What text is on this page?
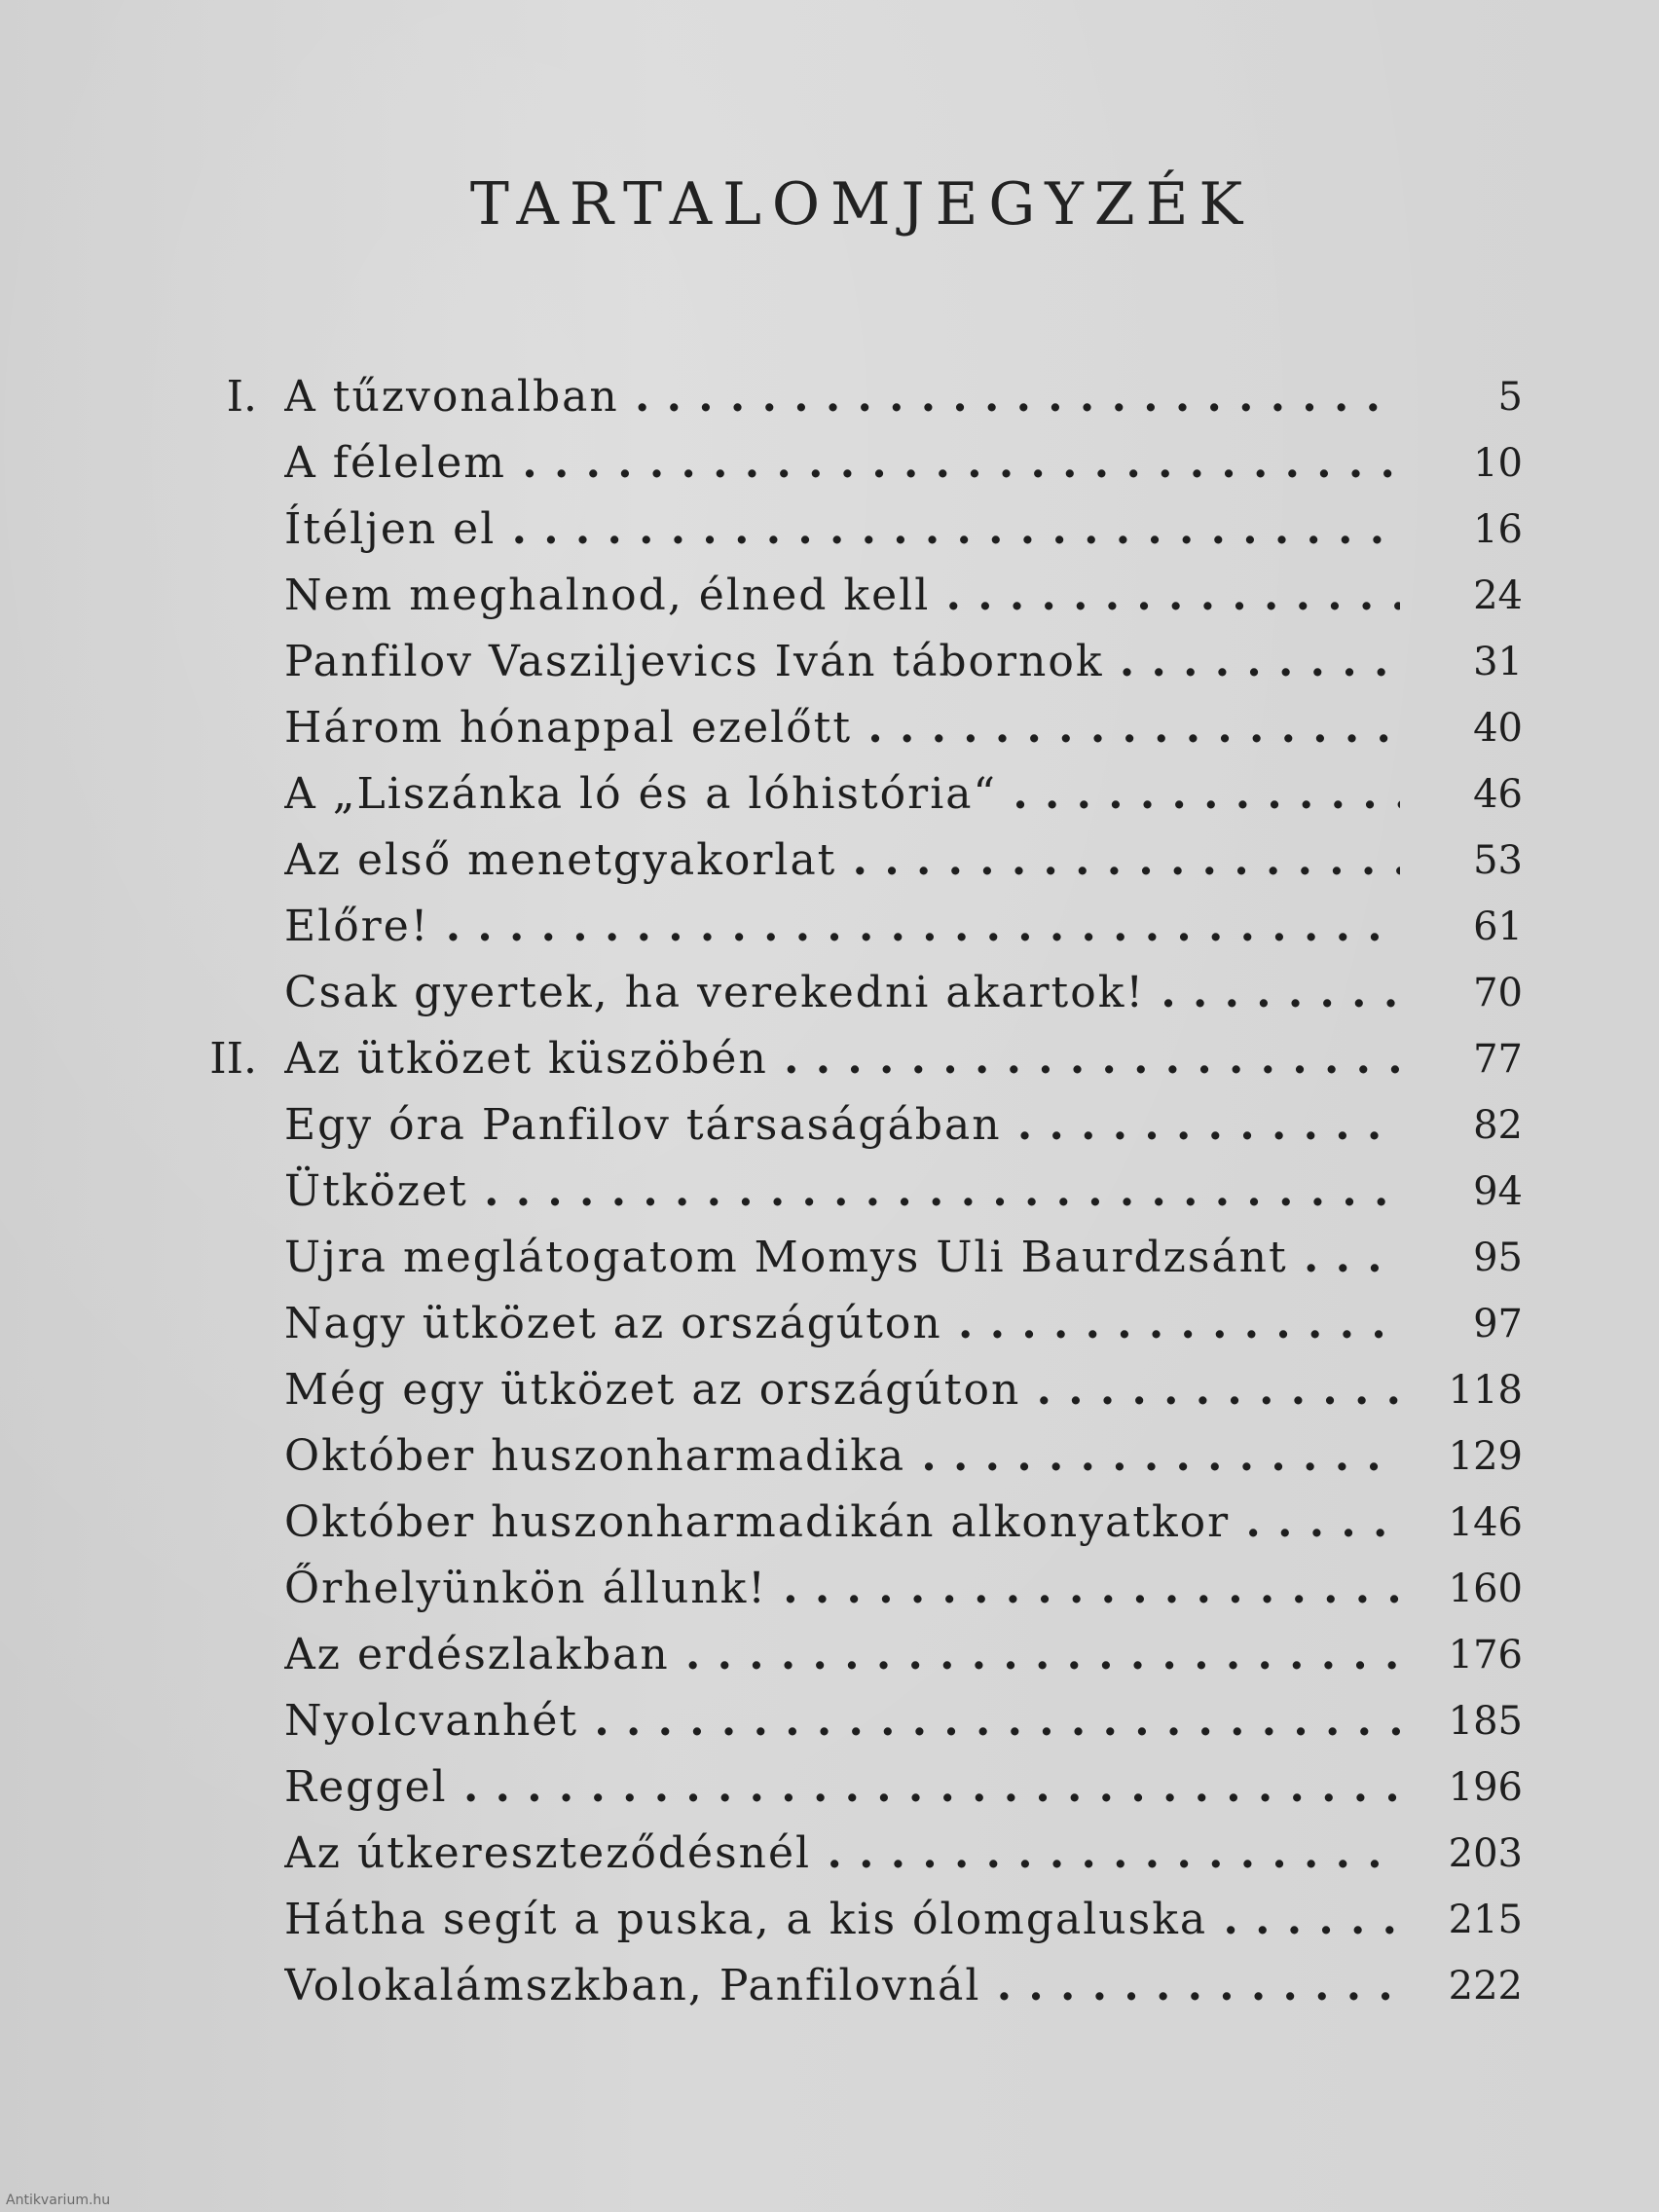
TARTALOMJEGYZÉK
I. A tűzvonalban . . .	5
A félelem . . .	10
Ítéljen el . . .	16
Nem meghalnod, élned kell . . .	24
Panfilov Vasziljevics Iván tábornok . . .	31
Három hónappal ezelőtt . . .	40
A „Liszánka ló és a lóhistória“ . . .	46
Az első menetgyakorlat . . .	53
Előre! . . .	61
Csak gyertek, ha verekedni akartok! . . .	70
II. Az ütközet küszöbén . . .	77
Egy óra Panfilov társaságában . . .	82
Ütközet . . .	94
Ujra meglátogatom Momys Uli Baurdzsánt . . .	95
Nagy ütközet az országúton . . .	97
Még egy ütközet az országúton . . .	118
Október huszonharmadika . . .	129
Október huszonharmadikán alkonyatkor . . .	146
Őrhelyünkön állunk! . . .	160
Az erdészlakban . . .	176
Nyolcvanhét . . .	185
Reggel . . .	196
Az útkereszteződésnél . . .	203
Hátha segít a puska, a kis ólomgaluska . . .	215
Volokalámszkban, Panfilovnál . . .	222
Antikvarium.hu
